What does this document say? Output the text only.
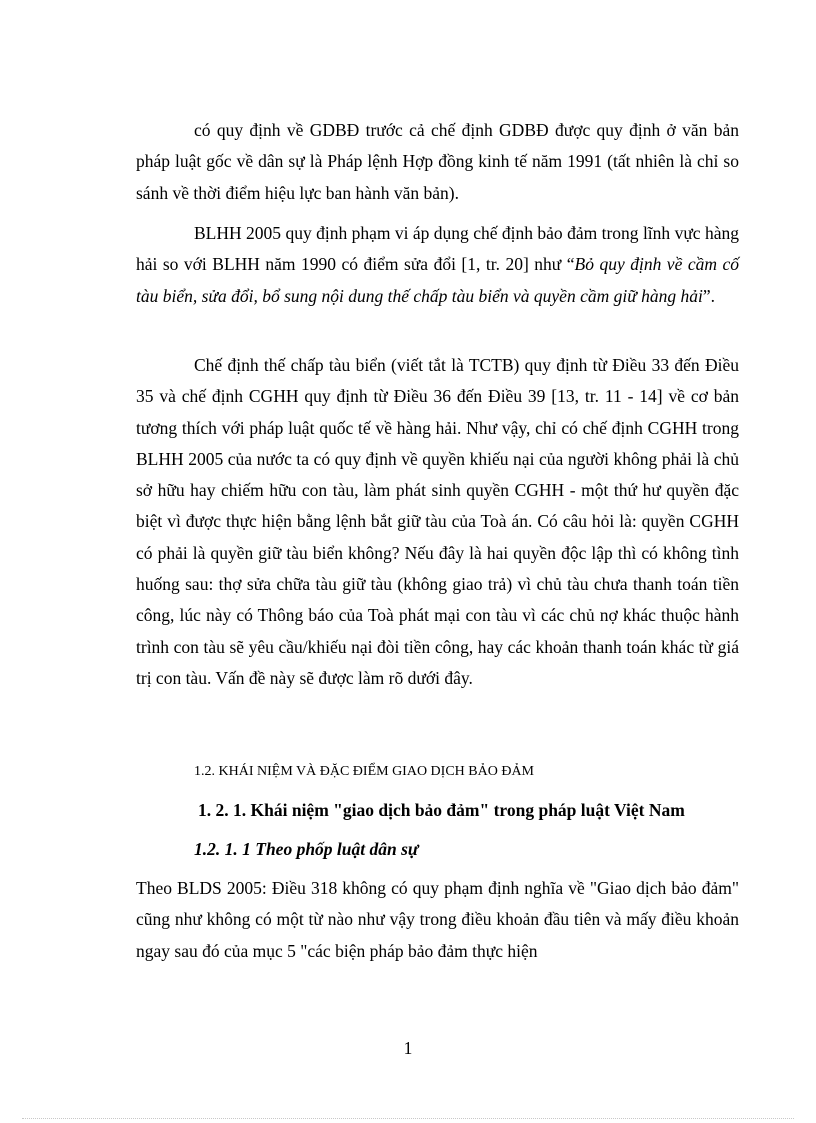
có quy định về GDBĐ trước cả chế định GDBĐ được quy định ở văn bản pháp luật gốc về dân sự là Pháp lệnh Hợp đồng kinh tế năm 1991 (tất nhiên là chỉ so sánh về thời điểm hiệu lực ban hành văn bản).

BLHH 2005 quy định phạm vi áp dụng chế định bảo đảm trong lĩnh vực hàng hải so với BLHH năm 1990 có điểm sửa đổi [1, tr. 20] như “Bỏ quy định về cầm cố tàu biển, sửa đổi, bổ sung nội dung thế chấp tàu biển và quyền cầm giữ hàng hải”.

Chế định thế chấp tàu biển (viết tắt là TCTB) quy định từ Điều 33 đến Điều 35 và chế định CGHH quy định từ Điều 36 đến Điều 39 [13, tr. 11 - 14] về cơ bản tương thích với pháp luật quốc tế về hàng hải. Như vậy, chỉ có chế định CGHH trong BLHH 2005 của nước ta có quy định về quyền khiếu nại của người không phải là chủ sở hữu hay chiếm hữu con tàu, làm phát sinh quyền CGHH - một thứ hư quyền đặc biệt vì được thực hiện bằng lệnh bắt giữ tàu của Toà án. Có câu hỏi là: quyền CGHH có phải là quyền giữ tàu biển không? Nếu đây là hai quyền độc lập thì có không tình huống sau: thợ sửa chữa tàu giữ tàu (không giao trả) vì chủ tàu chưa thanh toán tiền công, lúc này có Thông báo của Toà phát mại con tàu vì các chủ nợ khác thuộc hành trình con tàu sẽ yêu cầu/khiếu nại đòi tiền công, hay các khoản thanh toán khác từ giá trị con tàu. Vấn đề này sẽ được làm rõ dưới đây.

1.2. KHÁI NIỆM VÀ ĐẶC ĐIỂM GIAO DỊCH BẢO ĐẢM
1. 2. 1. Khái niệm "giao dịch bảo đảm" trong pháp luật Việt Nam
1.2. 1. 1 Theo phốp luật dân sự

Theo BLDS 2005: Điều 318 không có quy phạm định nghĩa về "Giao dịch bảo đảm" cũng như không có một từ nào như vậy trong điều khoản đầu tiên và mấy điều khoản ngay sau đó của mục 5 "các biện pháp bảo đảm thực hiện

1
